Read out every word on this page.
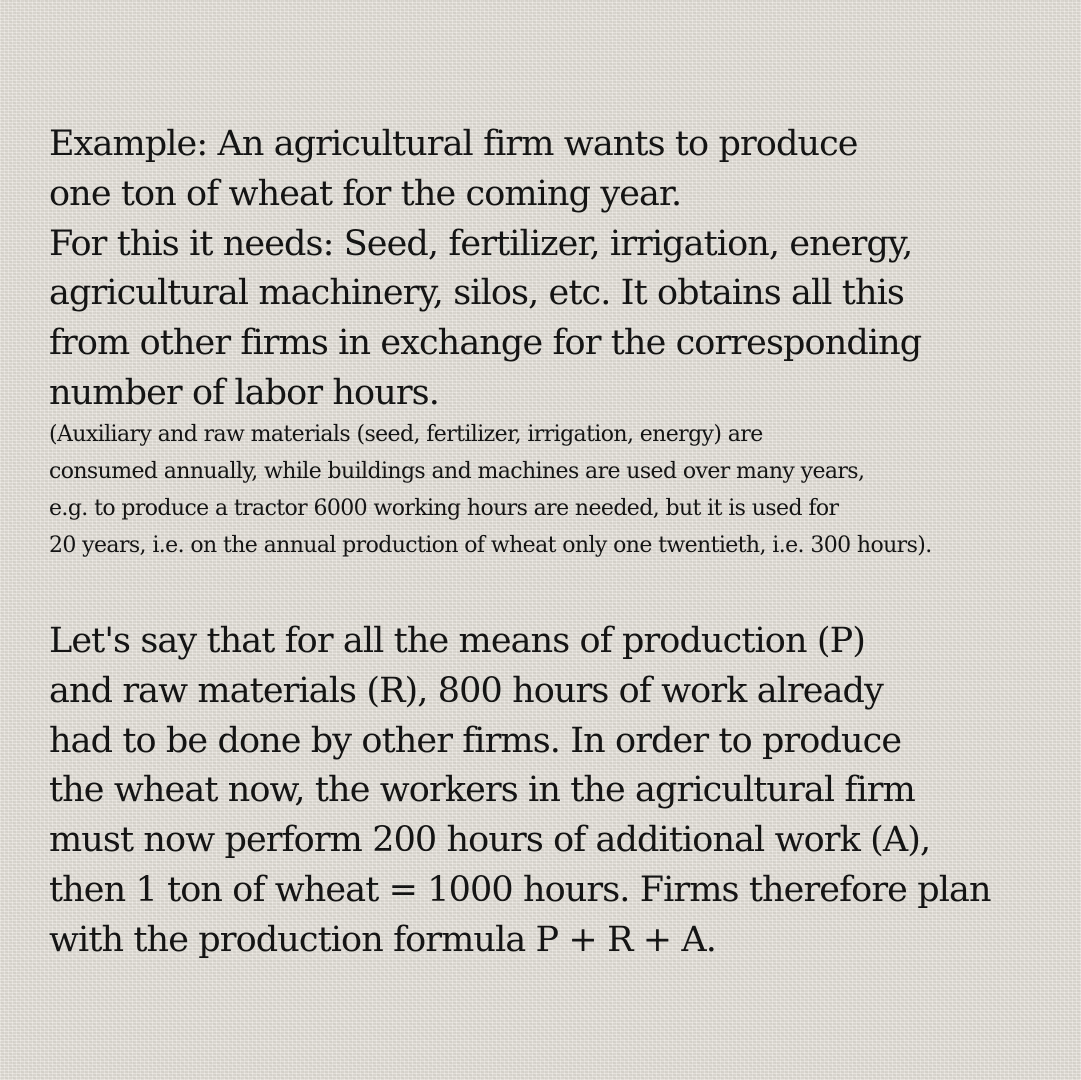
Example: An agricultural firm wants to produce
one ton of wheat for the coming year.
For this it needs: Seed, fertilizer, irrigation, energy,
agricultural machinery, silos, etc. It obtains all this
from other firms in exchange for the corresponding
number of labor hours.
(Auxiliary and raw materials (seed, fertilizer, irrigation, energy) are
consumed annually, while buildings and machines are used over many years,
e.g. to produce a tractor 6000 working hours are needed, but it is used for
20 years, i.e. on the annual production of wheat only one twentieth, i.e. 300 hours).
Let's say that for all the means of production (P)
and raw materials (R), 800 hours of work already
had to be done by other firms. In order to produce
the wheat now, the workers in the agricultural firm
must now perform 200 hours of additional work (A),
then 1 ton of wheat = 1000 hours. Firms therefore plan
with the production formula P + R + A.
